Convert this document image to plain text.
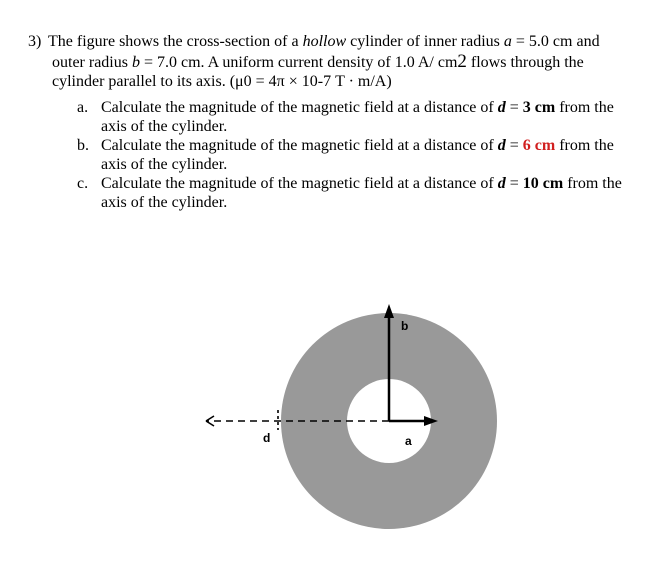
3) The figure shows the cross-section of a hollow cylinder of inner radius a = 5.0 cm and
outer radius b = 7.0 cm. A uniform current density of 1.0 A/ cm2 flows through the
cylinder parallel to its axis. (μ0 = 4π × 10-7 T · m/A)
a. Calculate the magnitude of the magnetic field at a distance of d = 3 cm from the
axis of the cylinder.
b. Calculate the magnitude of the magnetic field at a distance of d = 6 cm from the
axis of the cylinder.
c. Calculate the magnitude of the magnetic field at a distance of d = 10 cm from the
axis of the cylinder.
b
a
d
